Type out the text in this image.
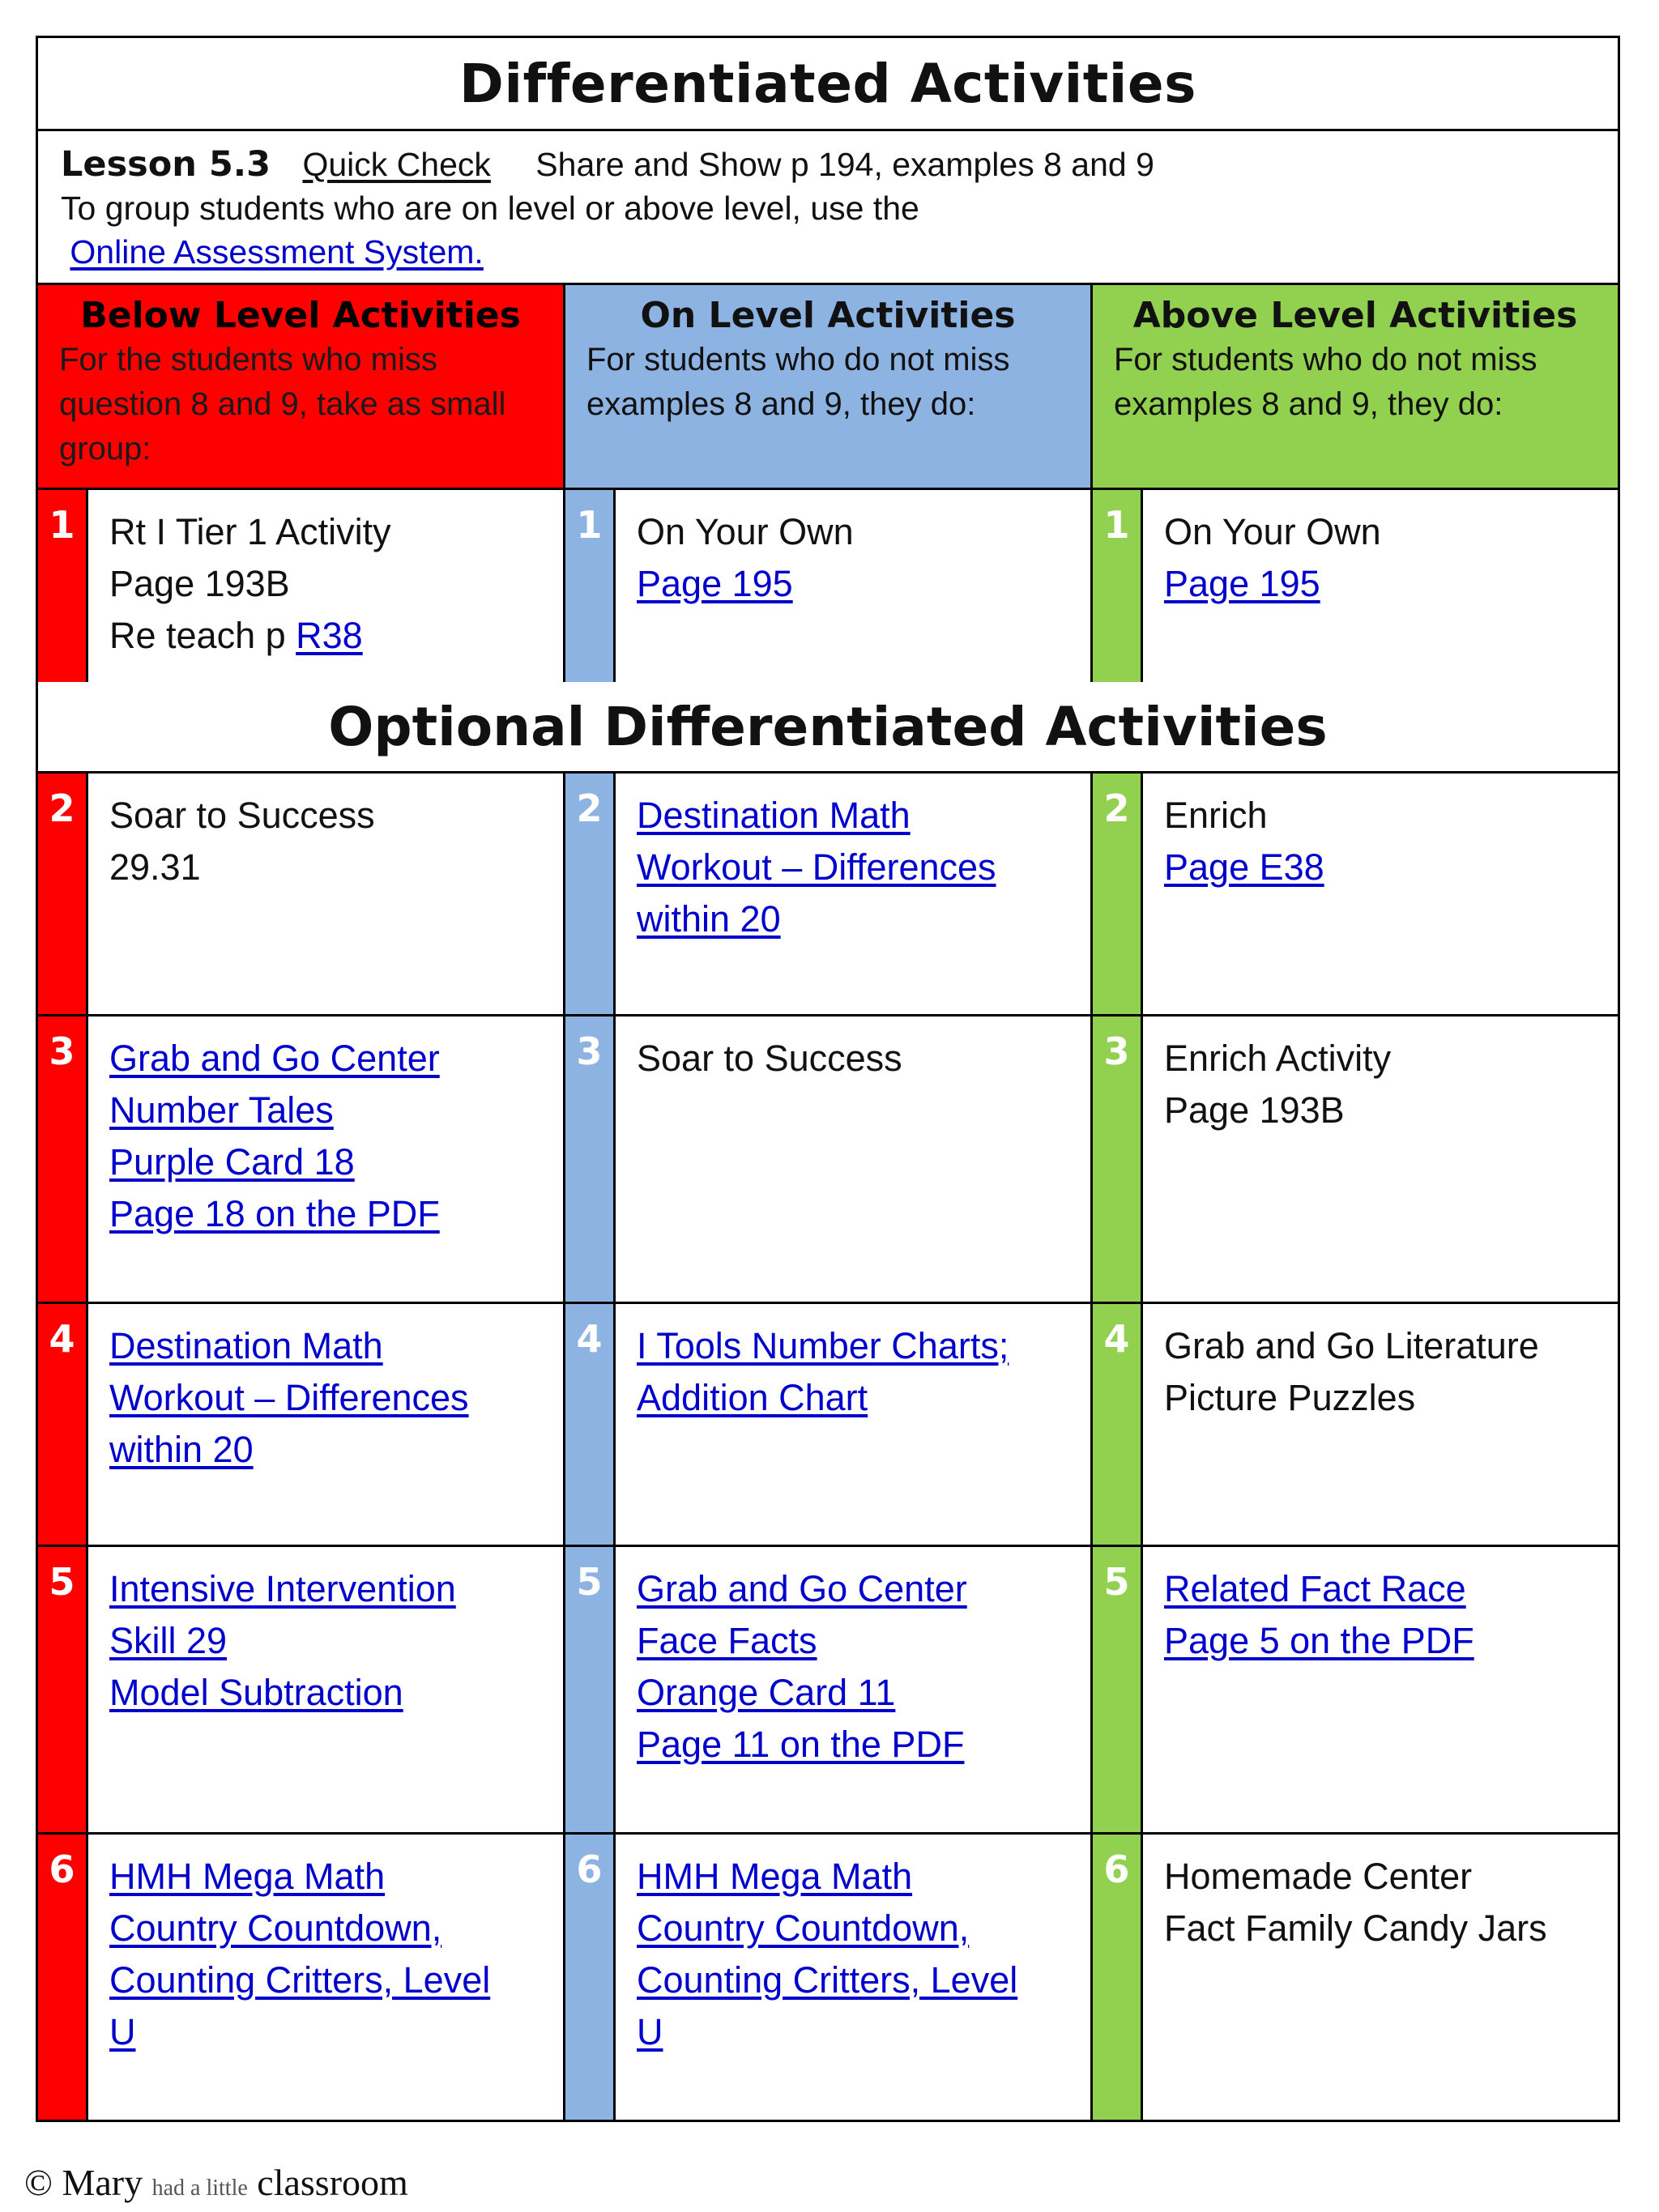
Differentiated Activities
Lesson 5.3 Quick Check Share and Show p 194, examples 8 and 9
To group students who are on level or above level, use the
Online Assessment System.
Below Level Activities
For the students who miss question 8 and 9, take as small group:
On Level Activities
For students who do not miss examples 8 and 9, they do:
Above Level Activities
For students who do not miss examples 8 and 9, they do:
1 Rt I Tier 1 Activity
Page 193B
Re teach p R38
1 On Your Own
Page 195
1 On Your Own
Page 195
Optional Differentiated Activities
2 Soar to Success
29.31
2 Destination Math
Workout – Differences
within 20
2 Enrich
Page E38
3 Grab and Go Center
Number Tales
Purple Card 18
Page 18 on the PDF
3 Soar to Success	3 Enrich Activity
Page 193B
4 Destination Math
Workout – Differences
within 20
4 I Tools Number Charts;
Addition Chart
4 Grab and Go Literature
Picture Puzzles
5 Intensive Intervention
Skill 29
Model Subtraction
5 Grab and Go Center
Face Facts
Orange Card 11
Page 11 on the PDF
5 Related Fact Race
Page 5 on the PDF
6 HMH Mega Math
Country Countdown,
Counting Critters, Level
U
6 HMH Mega Math
Country Countdown,
Counting Critters, Level
U
6 Homemade Center
Fact Family Candy Jars
© Mary had a little classroom
